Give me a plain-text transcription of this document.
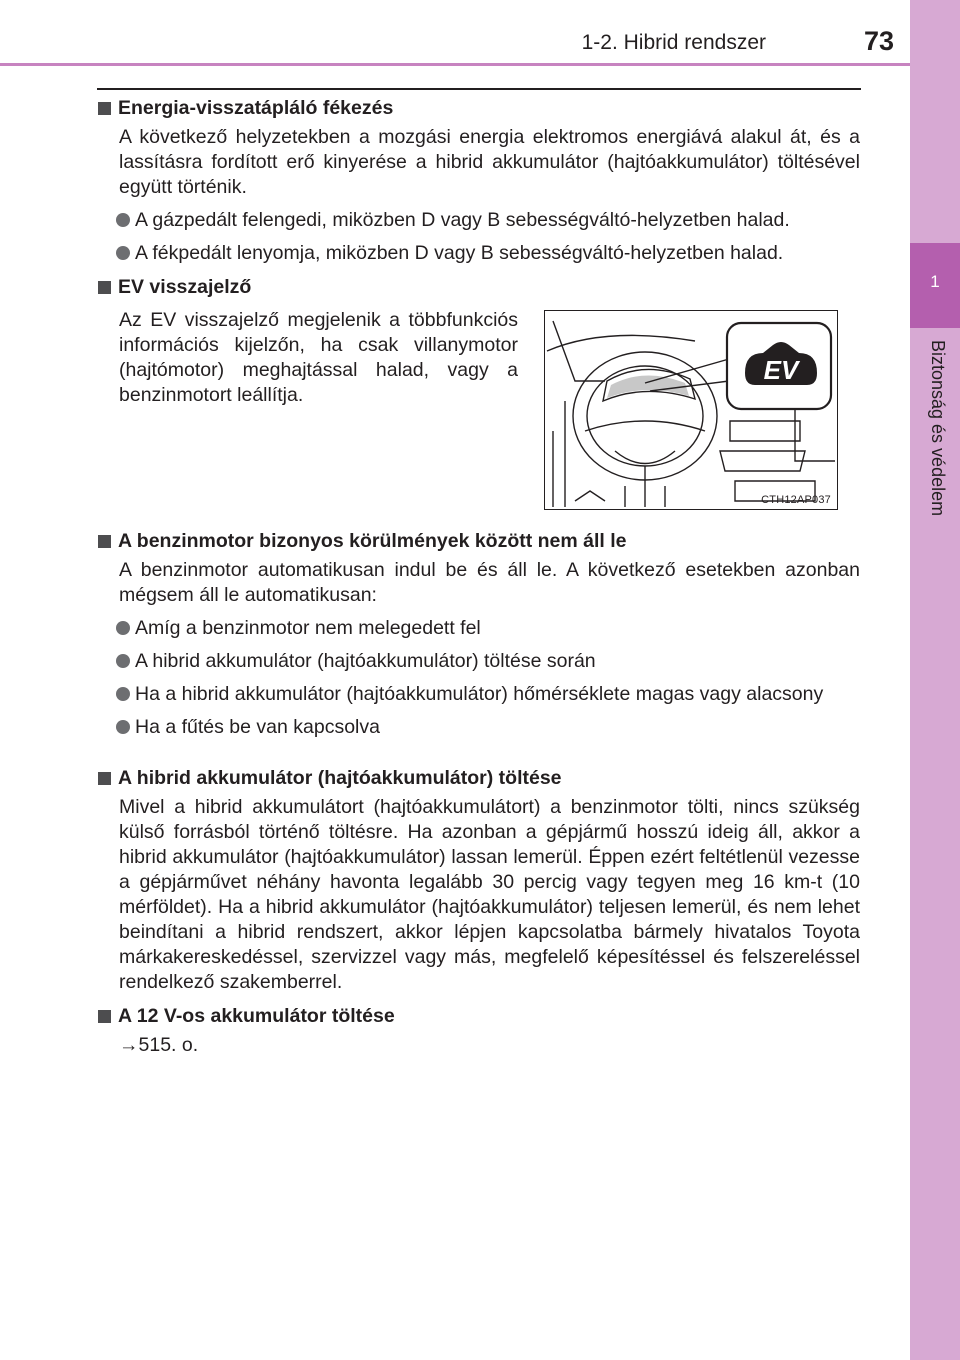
1-2. Hibrid rendszer	73
1
Biztonság és védelem
Energia-visszatápláló fékezés
A következő helyzetekben a mozgási energia elektromos energiává alakul át, és a lassításra fordított erő kinyerése a hibrid akkumulátor (hajtóakkumulátor) töltésével együtt történik.
A gázpedált felengedi, miközben D vagy B sebességváltó-helyzetben halad.
A fékpedált lenyomja, miközben D vagy B sebességváltó-helyzetben halad.
EV visszajelző
Az EV visszajelző megjelenik a többfunkciós információs kijelzőn, ha csak villanymotor (hajtómotor) meghajtással halad, vagy a benzinmotort leállítja.
EV
CTH12AP037
A benzinmotor bizonyos körülmények között nem áll le
A benzinmotor automatikusan indul be és áll le. A következő esetekben azonban mégsem áll le automatikusan:
Amíg a benzinmotor nem melegedett fel
A hibrid akkumulátor (hajtóakkumulátor) töltése során
Ha a hibrid akkumulátor (hajtóakkumulátor) hőmérséklete magas vagy alacsony
Ha a fűtés be van kapcsolva
A hibrid akkumulátor (hajtóakkumulátor) töltése
Mivel a hibrid akkumulátort (hajtóakkumulátort) a benzinmotor tölti, nincs szükség külső forrásból történő töltésre. Ha azonban a gépjármű hosszú ideig áll, akkor a hibrid akkumulátor (hajtóakkumulátor) lassan lemerül. Éppen ezért feltétlenül vezesse a gépjárművet néhány havonta legalább 30 percig vagy tegyen meg 16 km-t (10 mérföldet). Ha a hibrid akkumulátor (hajtóakkumulátor) teljesen lemerül, és nem lehet beindítani a hibrid rendszert, akkor lépjen kapcsolatba bármely hivatalos Toyota márkakereskedéssel, szervizzel vagy más, megfelelő képesítéssel és felszereléssel rendelkező szakemberrel.
A 12 V-os akkumulátor töltése
→515. o.
